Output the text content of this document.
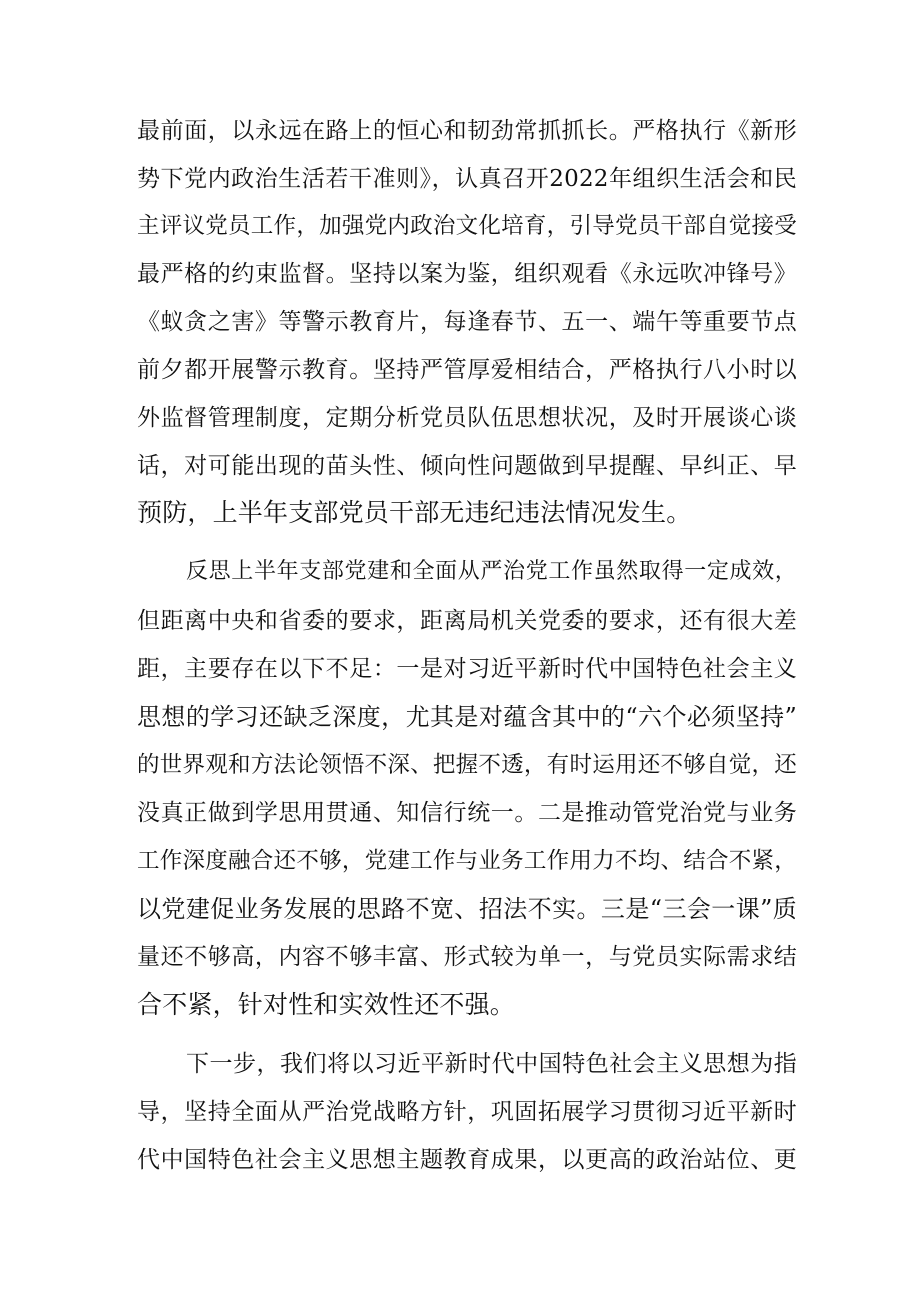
最前面，以永远在路上的恒心和韧劲常抓抓长。严格执行《新形
势下党内政治生活若干准则》，认真召开2022年组织生活会和民
主评议党员工作，加强党内政治文化培育，引导党员干部自觉接受
最严格的约束监督。坚持以案为鉴，组织观看《永远吹冲锋号》
《蚁贪之害》等警示教育片，每逢春节、五一、端午等重要节点
前夕都开展警示教育。坚持严管厚爱相结合，严格执行八小时以
外监督管理制度，定期分析党员队伍思想状况，及时开展谈心谈
话，对可能出现的苗头性、倾向性问题做到早提醒、早纠正、早
预防，上半年支部党员干部无违纪违法情况发生。
反思上半年支部党建和全面从严治党工作虽然取得一定成效，
但距离中央和省委的要求，距离局机关党委的要求，还有很大差
距，主要存在以下不足：一是对习近平新时代中国特色社会主义
思想的学习还缺乏深度，尤其是对蕴含其中的“六个必须坚持”
的世界观和方法论领悟不深、把握不透，有时运用还不够自觉，还
没真正做到学思用贯通、知信行统一。二是推动管党治党与业务
工作深度融合还不够，党建工作与业务工作用力不均、结合不紧，
以党建促业务发展的思路不宽、招法不实。三是“三会一课”质
量还不够高，内容不够丰富、形式较为单一，与党员实际需求结
合不紧，针对性和实效性还不强。
下一步，我们将以习近平新时代中国特色社会主义思想为指
导，坚持全面从严治党战略方针，巩固拓展学习贯彻习近平新时
代中国特色社会主义思想主题教育成果，以更高的政治站位、更
